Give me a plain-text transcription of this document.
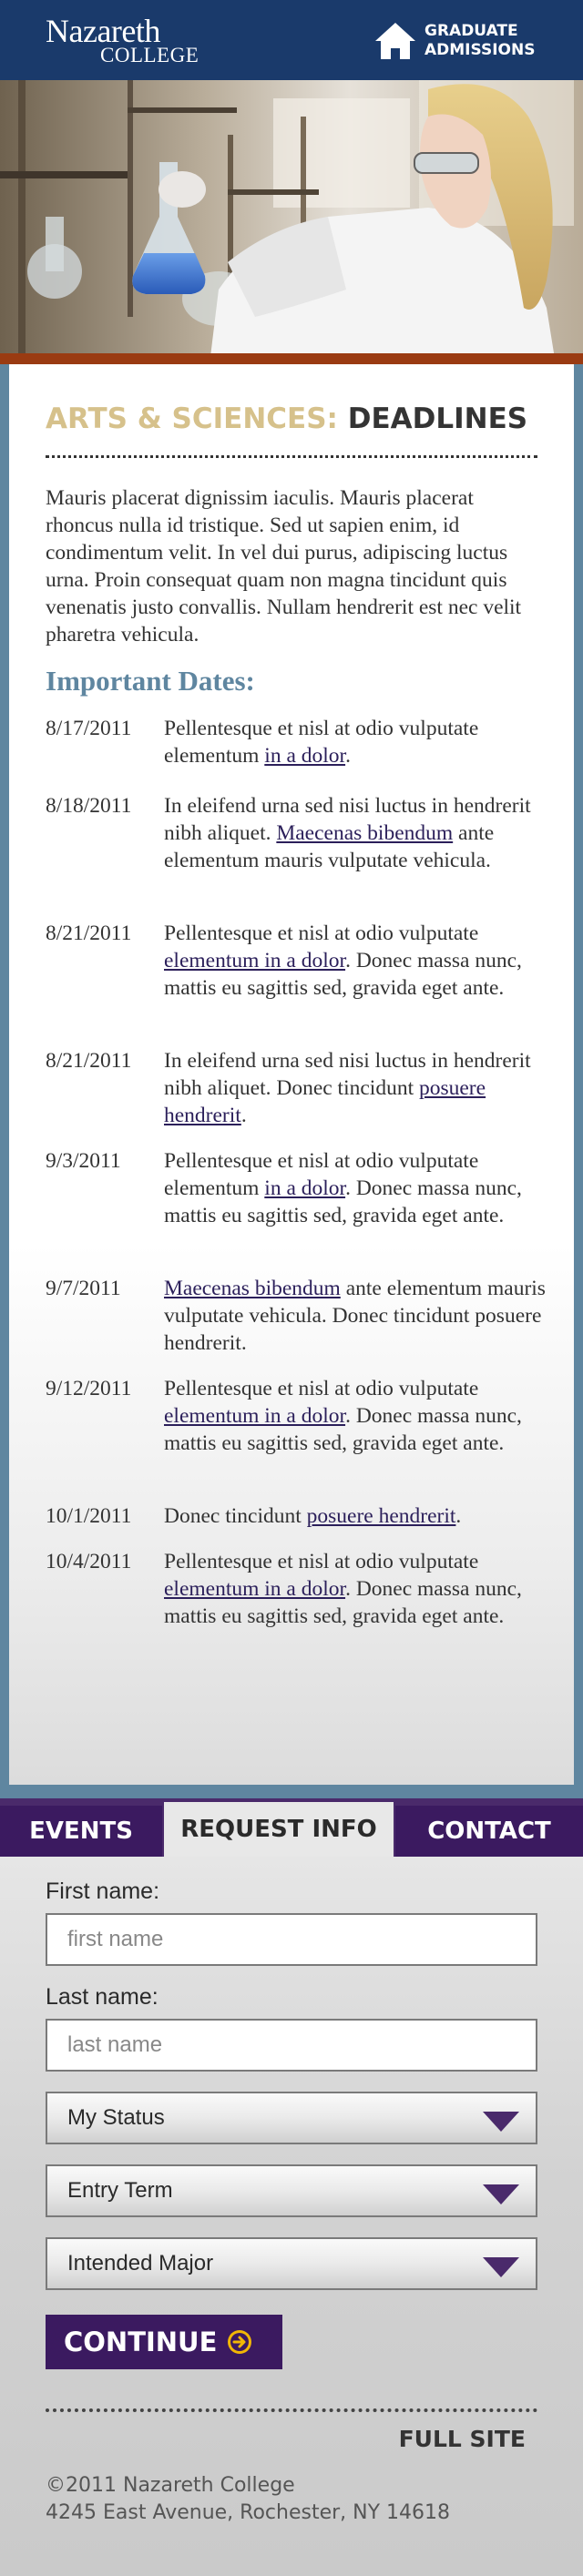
Nazareth
COLLEGE
GRADUATE
ADMISSIONS
ARTS & SCIENCES: DEADLINES

Mauris placerat dignissim iaculis. Mauris placerat rhoncus nulla id tristique. Sed ut sapien enim, id condimentum velit. In vel dui purus, adipiscing luctus urna. Proin consequat quam non magna tincidunt quis venenatis justo convallis. Nullam hendrerit est nec velit pharetra vehicula.

Important Dates:
8/17/2011	Pellentesque et nisl at odio vulputate elementum in a dolor.
8/18/2011	In eleifend urna sed nisi luctus in hendrerit nibh aliquet. Maecenas bibendum ante elementum mauris vulputate vehicula.
8/21/2011	Pellentesque et nisl at odio vulputate elementum in a dolor. Donec massa nunc, mattis eu sagittis sed, gravida eget ante.
8/21/2011	In eleifend urna sed nisi luctus in hendrerit nibh aliquet. Donec tincidunt posuere hendrerit.
9/3/2011	Pellentesque et nisl at odio vulputate elementum in a dolor. Donec massa nunc, mattis eu sagittis sed, gravida eget ante.
9/7/2011	Maecenas bibendum ante elementum mauris vulputate vehicula. Donec tincidunt posuere hendrerit.
9/12/2011	Pellentesque et nisl at odio vulputate elementum in a dolor. Donec massa nunc, mattis eu sagittis sed, gravida eget ante.
10/1/2011	Donec tincidunt posuere hendrerit.
10/4/2011	Pellentesque et nisl at odio vulputate elementum in a dolor. Donec massa nunc, mattis eu sagittis sed, gravida eget ante.
EVENTS	REQUEST INFO	CONTACT
First name:
first name
Last name:
last name
My Status
Entry Term
Intended Major
CONTINUE
FULL SITE
©2011 Nazareth College
4245 East Avenue, Rochester, NY 14618
